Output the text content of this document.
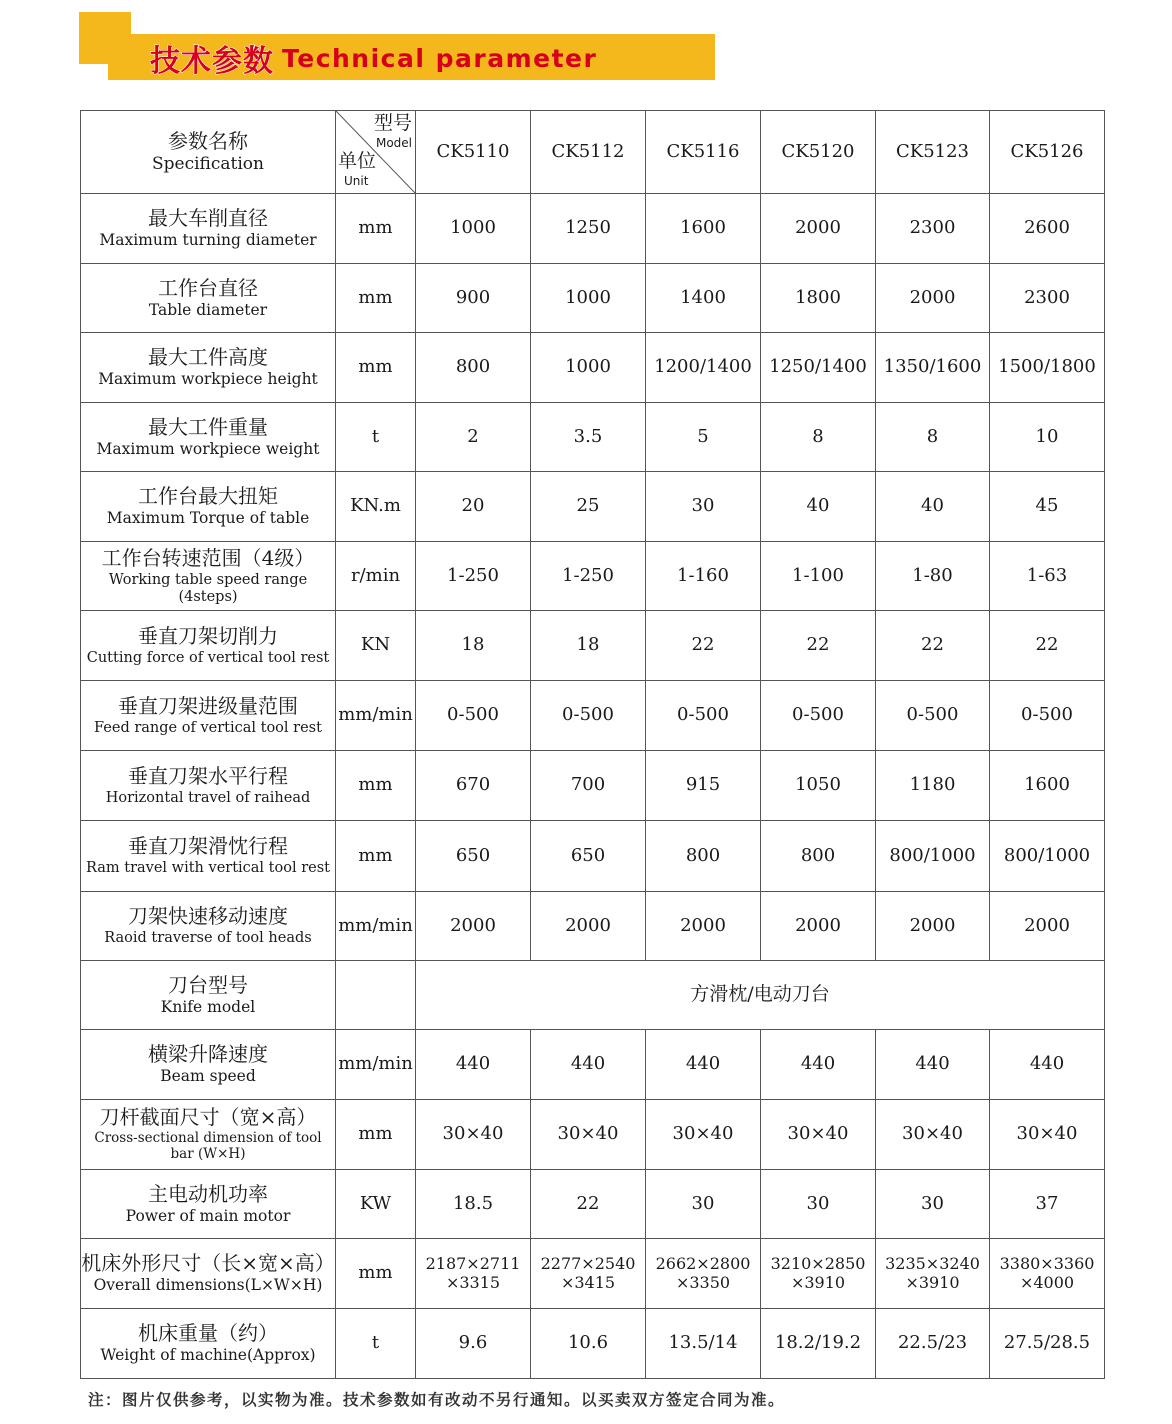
技术参数 Technical parameter
参数名称
Specification	型号
Model
单位
Unit	CK5110	CK5112	CK5116	CK5120	CK5123	CK5126

最大车削直径
Maximum turning diameter	mm	1000	1250	1600	2000	2300	2600

工作台直径
Table diameter	mm	900	1000	1400	1800	2000	2300

最大工件高度
Maximum workpiece height	mm	800	1000	1200/1400	1250/1400	1350/1600	1500/1800

最大工件重量
Maximum workpiece weight	t	2	3.5	5	8	8	10

工作台最大扭矩
Maximum Torque of table	KN.m	20	25	30	40	40	45

工作台转速范围（4级）
Working table speed range (4steps)	r/min	1-250	1-250	1-160	1-100	1-80	1-63

垂直刀架切削力
Cutting force of vertical tool rest	KN	18	18	22	22	22	22

垂直刀架进级量范围
Feed range of vertical tool rest	mm/min	0-500	0-500	0-500	0-500	0-500	0-500

垂直刀架水平行程
Horizontal travel of raihead	mm	670	700	915	1050	1180	1600

垂直刀架滑忱行程
Ram travel with vertical tool rest	mm	650	650	800	800	800/1000	800/1000

刀架快速移动速度
Raoid traverse of tool heads	mm/min	2000	2000	2000	2000	2000	2000

刀台型号
Knife model		方滑枕/电动刀台					

横梁升降速度
Beam speed	mm/min	440	440	440	440	440	440

刀杆截面尺寸（宽×高）
Cross-sectional dimension of tool bar (W×H)	mm	30×40	30×40	30×40	30×40	30×40	30×40

主电动机功率
Power of main motor	KW	18.5	22	30	30	30	37

机床外形尺寸（长×宽×高）
Overall dimensions(L×W×H)	mm	2187×2711
×3315	2277×2540
×3415	2662×2800
×3350	3210×2850
×3910	3235×3240
×3910	3380×3360
×4000

机床重量（约）
Weight of machine(Approx)	t	9.6	10.6	13.5/14	18.2/19.2	22.5/23	27.5/28.5
注：图片仅供参考，以实物为准。技术参数如有改动不另行通知。以买卖双方签定合同为准。
